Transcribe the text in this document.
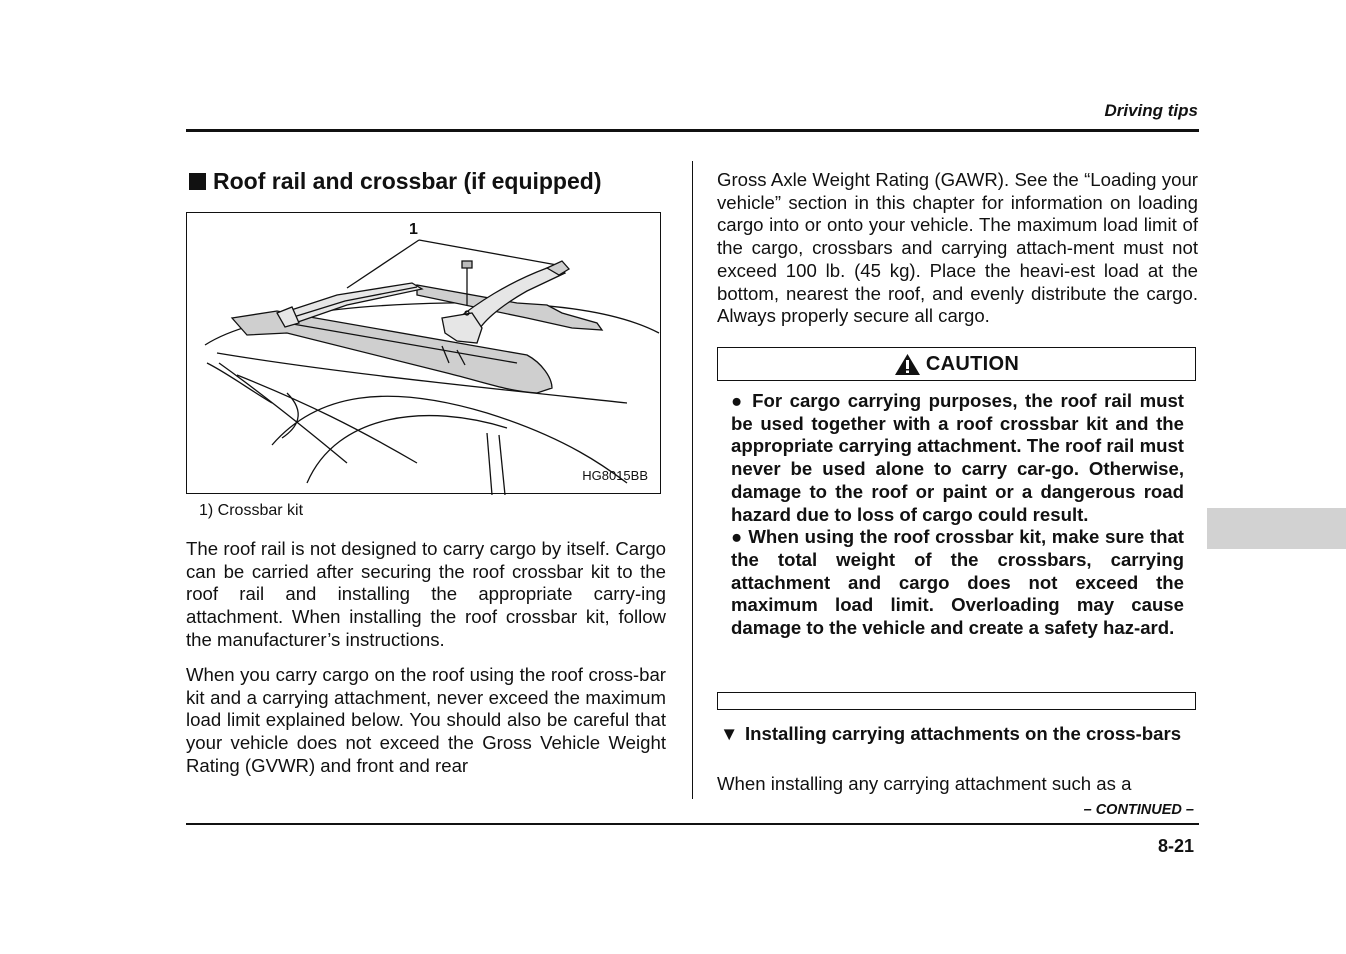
Driving tips
Roof rail and crossbar (if equipped)
1
HG8015BB
1) Crossbar kit

The roof rail is not designed to carry cargo by itself. Cargo can be carried after securing the roof crossbar kit to the roof rail and installing the appropriate carry-ing attachment. When installing the roof crossbar kit, follow the manufacturer’s instructions.

When you carry cargo on the roof using the roof cross-bar kit and a carrying attachment, never exceed the maximum load limit explained below. You should also be careful that your vehicle does not exceed the Gross Vehicle Weight Rating (GVWR) and front and rear

Gross Axle Weight Rating (GAWR). See the “Loading your vehicle” section in this chapter for information on loading cargo into or onto your vehicle. The maximum load limit of the cargo, crossbars and carrying attach-ment must not exceed 100 lb. (45 kg). Place the heavi-est load at the bottom, nearest the roof, and evenly distribute the cargo. Always properly secure all cargo.

CAUTION

● For cargo carrying purposes, the roof rail must be used together with a roof crossbar kit and the appropriate carrying attachment. The roof rail must never be used alone to carry car-go. Otherwise, damage to the roof or paint or a dangerous road hazard due to loss of cargo could result.

● When using the roof crossbar kit, make sure that the total weight of the crossbars, carrying attachment and cargo does not exceed the maximum load limit. Overloading may cause damage to the vehicle and create a safety haz-ard.

▼ Installing carrying attachments on the cross-bars

When installing any carrying attachment such as a

– CONTINUED –
8-21
